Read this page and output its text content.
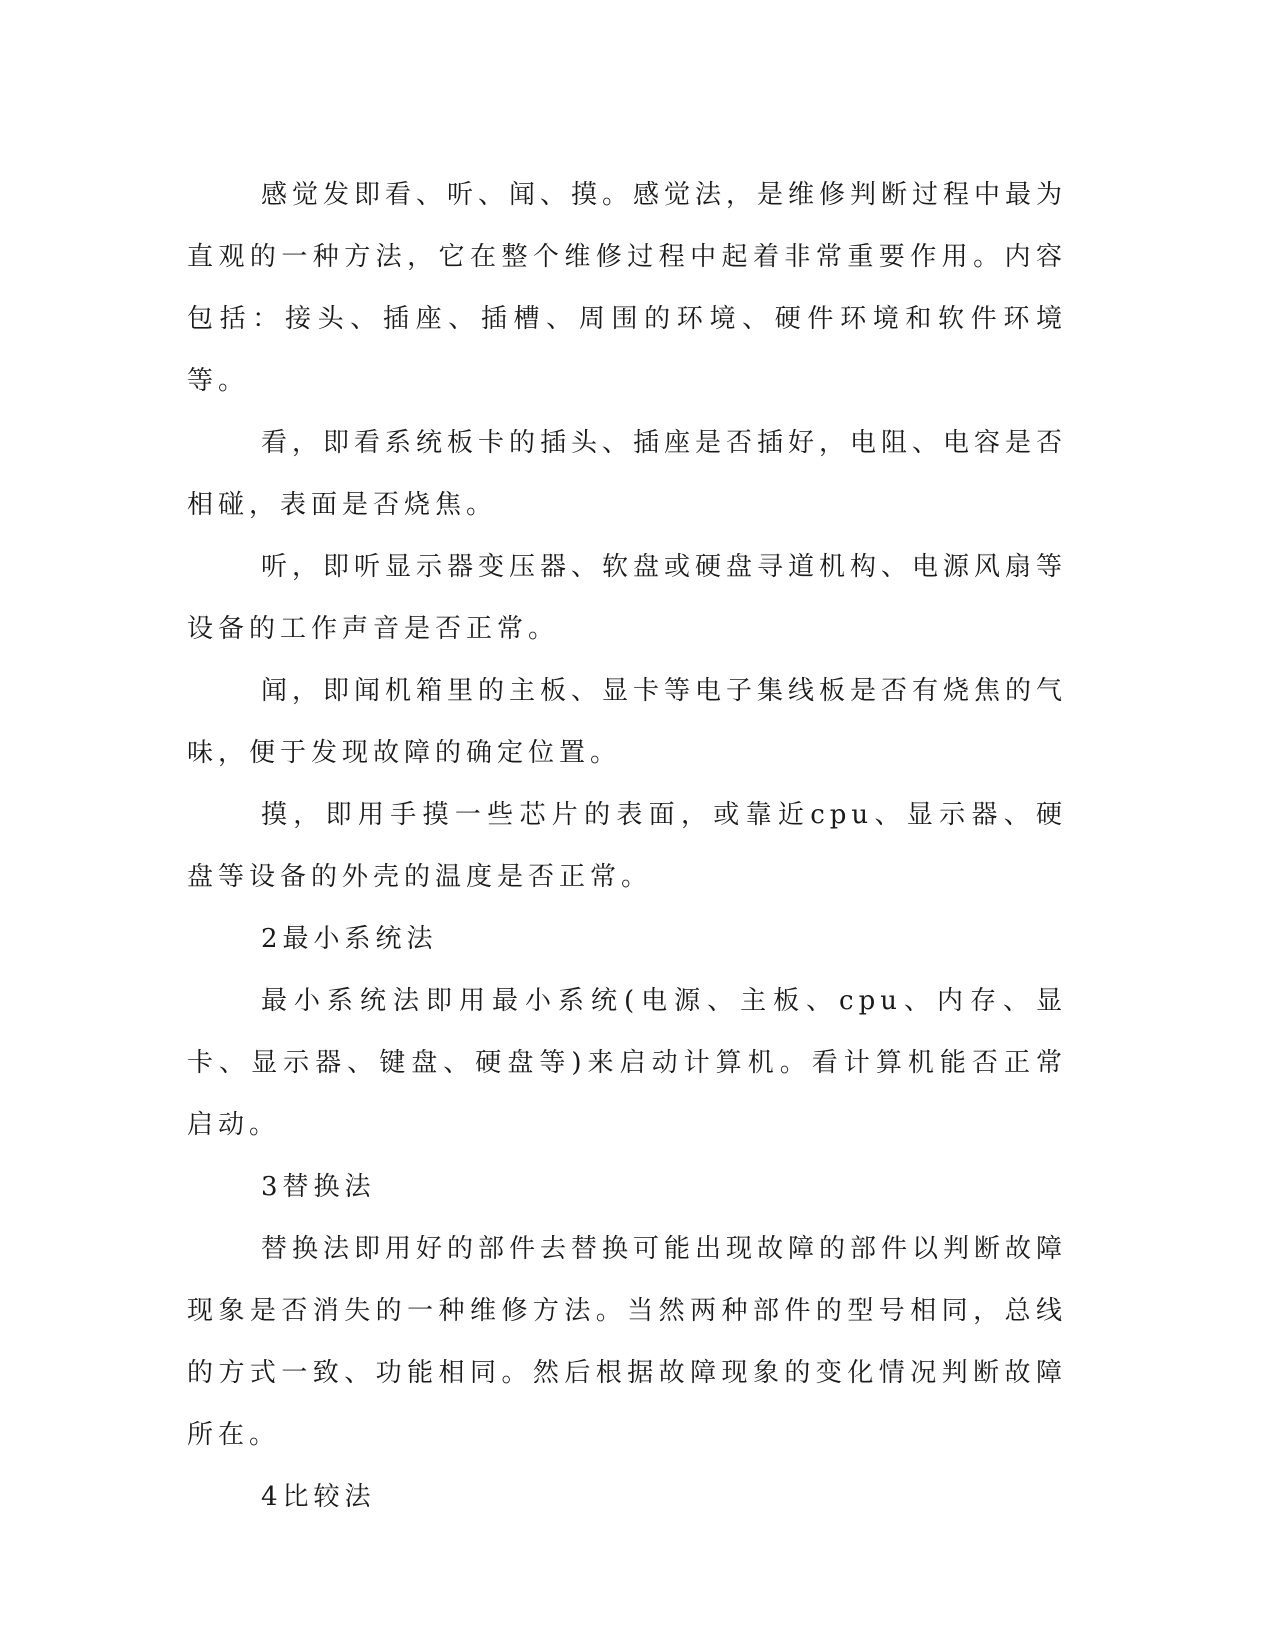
感觉发即看、听、闻、摸。感觉法，是维修判断过程中最为直观的一种方法，它在整个维修过程中起着非常重要作用。内容包括：接头、插座、插槽、周围的环境、硬件环境和软件环境等。

看，即看系统板卡的插头、插座是否插好，电阻、电容是否相碰，表面是否烧焦。

听，即听显示器变压器、软盘或硬盘寻道机构、电源风扇等设备的工作声音是否正常。

闻，即闻机箱里的主板、显卡等电子集线板是否有烧焦的气味，便于发现故障的确定位置。

摸，即用手摸一些芯片的表面，或靠近cpu、显示器、硬盘等设备的外壳的温度是否正常。

2最小系统法

最小系统法即用最小系统(电源、主板、cpu、内存、显卡、显示器、键盘、硬盘等)来启动计算机。看计算机能否正常启动。

3替换法

替换法即用好的部件去替换可能出现故障的部件以判断故障现象是否消失的一种维修方法。当然两种部件的型号相同，总线的方式一致、功能相同。然后根据故障现象的变化情况判断故障所在。

4比较法
